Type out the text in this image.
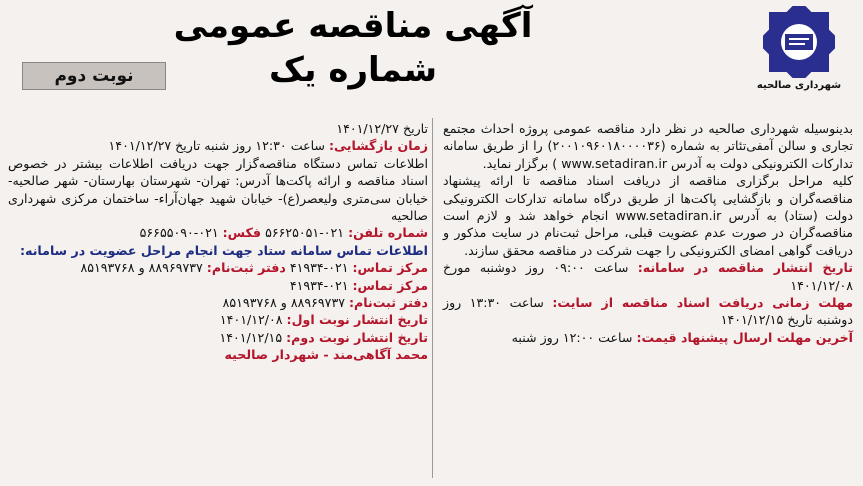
شهرداری صالحیه
آگهی مناقصه عمومی شماره یک
نوبت دوم

بدینوسیله شهرداری صالحیه در نظر دارد مناقصه عمومی پروژه احداث مجتمع تجاری و سالن آمفی‌تئاتر به شماره (۲۰۰۱۰۹۶۰۱۸۰۰۰۰۳۶) را از طریق سامانه تدارکات الکترونیکی دولت به آدرس www.setadiran.ir ) برگزار نماید.

کلیه مراحل برگزاری مناقصه از دریافت اسناد مناقصه تا ارائه پیشنهاد مناقصه‌گران و بازگشایی پاکت‌ها از طریق درگاه سامانه تدارکات الکترونیکی دولت (ستاد) به آدرس www.setadiran.ir انجام خواهد شد و لازم است مناقصه‌گران در صورت عدم عضویت قبلی، مراحل ثبت‌نام در سایت مذکور و دریافت گواهی امضای الکترونیکی را جهت شرکت در مناقصه محقق سازند.

تاریخ انتشار مناقصه در سامانه: ساعت ۰۹:۰۰ روز دوشنبه مورخ ۱۴۰۱/۱۲/۰۸

مهلت زمانی دریافت اسناد مناقصه از سایت: ساعت ۱۳:۳۰ روز دوشنبه تاریخ ۱۴۰۱/۱۲/۱۵

آخرین مهلت ارسال پیشنهاد قیمت: ساعت ۱۲:۰۰ روز شنبه

تاریخ ۱۴۰۱/۱۲/۲۷

زمان بازگشایی: ساعت ۱۲:۳۰ روز شنبه تاریخ ۱۴۰۱/۱۲/۲۷

اطلاعات تماس دستگاه مناقصه‌گزار جهت دریافت اطلاعات بیشتر در خصوص اسناد مناقصه و ارائه پاکت‌ها آدرس: تهران- شهرستان بهارستان- شهر صالحیه- خیابان سی‌متری ولیعصر(ع)- خیابان شهید جهان‌آراء- ساختمان مرکزی شهرداری صالحیه

شماره تلفن: ۰۲۱-۵۶۶۲۵۰۵۱ فکس: ۰۲۱-۵۶۶۵۵۰۹۰

اطلاعات تماس سامانه ستاد جهت انجام مراحل عضویت در سامانه:

مرکز تماس: ۰۲۱-۴۱۹۳۴ دفتر ثبت‌نام: ۸۸۹۶۹۷۳۷ و ۸۵۱۹۳۷۶۸

مرکز تماس: ۰۲۱-۴۱۹۳۴

دفتر ثبت‌نام: ۸۸۹۶۹۷۳۷ و ۸۵۱۹۳۷۶۸

تاریخ انتشار نوبت اول: ۱۴۰۱/۱۲/۰۸

تاریخ انتشار نوبت دوم: ۱۴۰۱/۱۲/۱۵

محمد آگاهی‌مند - شهردار صالحیه
